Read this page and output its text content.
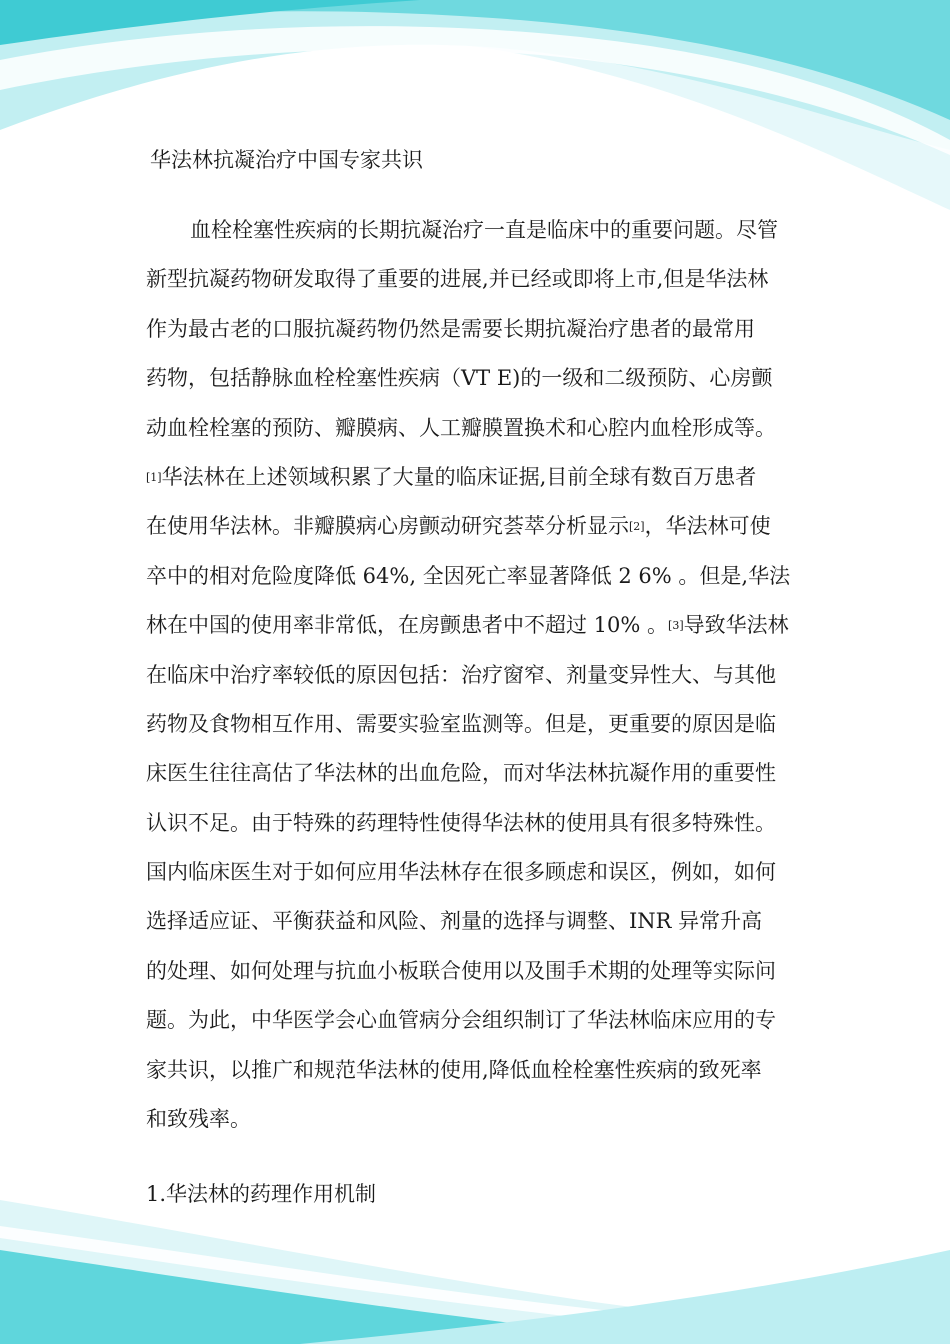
华法林抗凝治疗中国专家共识
血栓栓塞性疾病的长期抗凝治疗一直是临床中的重要问题。尽管
新型抗凝药物研发取得了重要的进展,并已经或即将上市,但是华法林
作为最古老的口服抗凝药物仍然是需要长期抗凝治疗患者的最常用
药物，包括静脉血栓栓塞性疾病（VT E)的一级和二级预防、心房颤
动血栓栓塞的预防、瓣膜病、人工瓣膜置换术和心腔内血栓形成等。
[1]华法林在上述领域积累了大量的临床证据,目前全球有数百万患者
在使用华法林。非瓣膜病心房颤动研究荟萃分析显示[2]，华法林可使
卒中的相对危险度降低 64%, 全因死亡率显著降低 2 6% 。但是,华法
林在中国的使用率非常低，在房颤患者中不超过 10% 。[3]导致华法林
在临床中治疗率较低的原因包括：治疗窗窄、剂量变异性大、与其他
药物及食物相互作用、需要实验室监测等。但是，更重要的原因是临
床医生往往高估了华法林的出血危险，而对华法林抗凝作用的重要性
认识不足。由于特殊的药理特性使得华法林的使用具有很多特殊性。
国内临床医生对于如何应用华法林存在很多顾虑和误区，例如，如何
选择适应证、平衡获益和风险、剂量的选择与调整、INR 异常升高
的处理、如何处理与抗血小板联合使用以及围手术期的处理等实际问
题。为此，中华医学会心血管病分会组织制订了华法林临床应用的专
家共识，以推广和规范华法林的使用,降低血栓栓塞性疾病的致死率
和致残率。
1.华法林的药理作用机制
